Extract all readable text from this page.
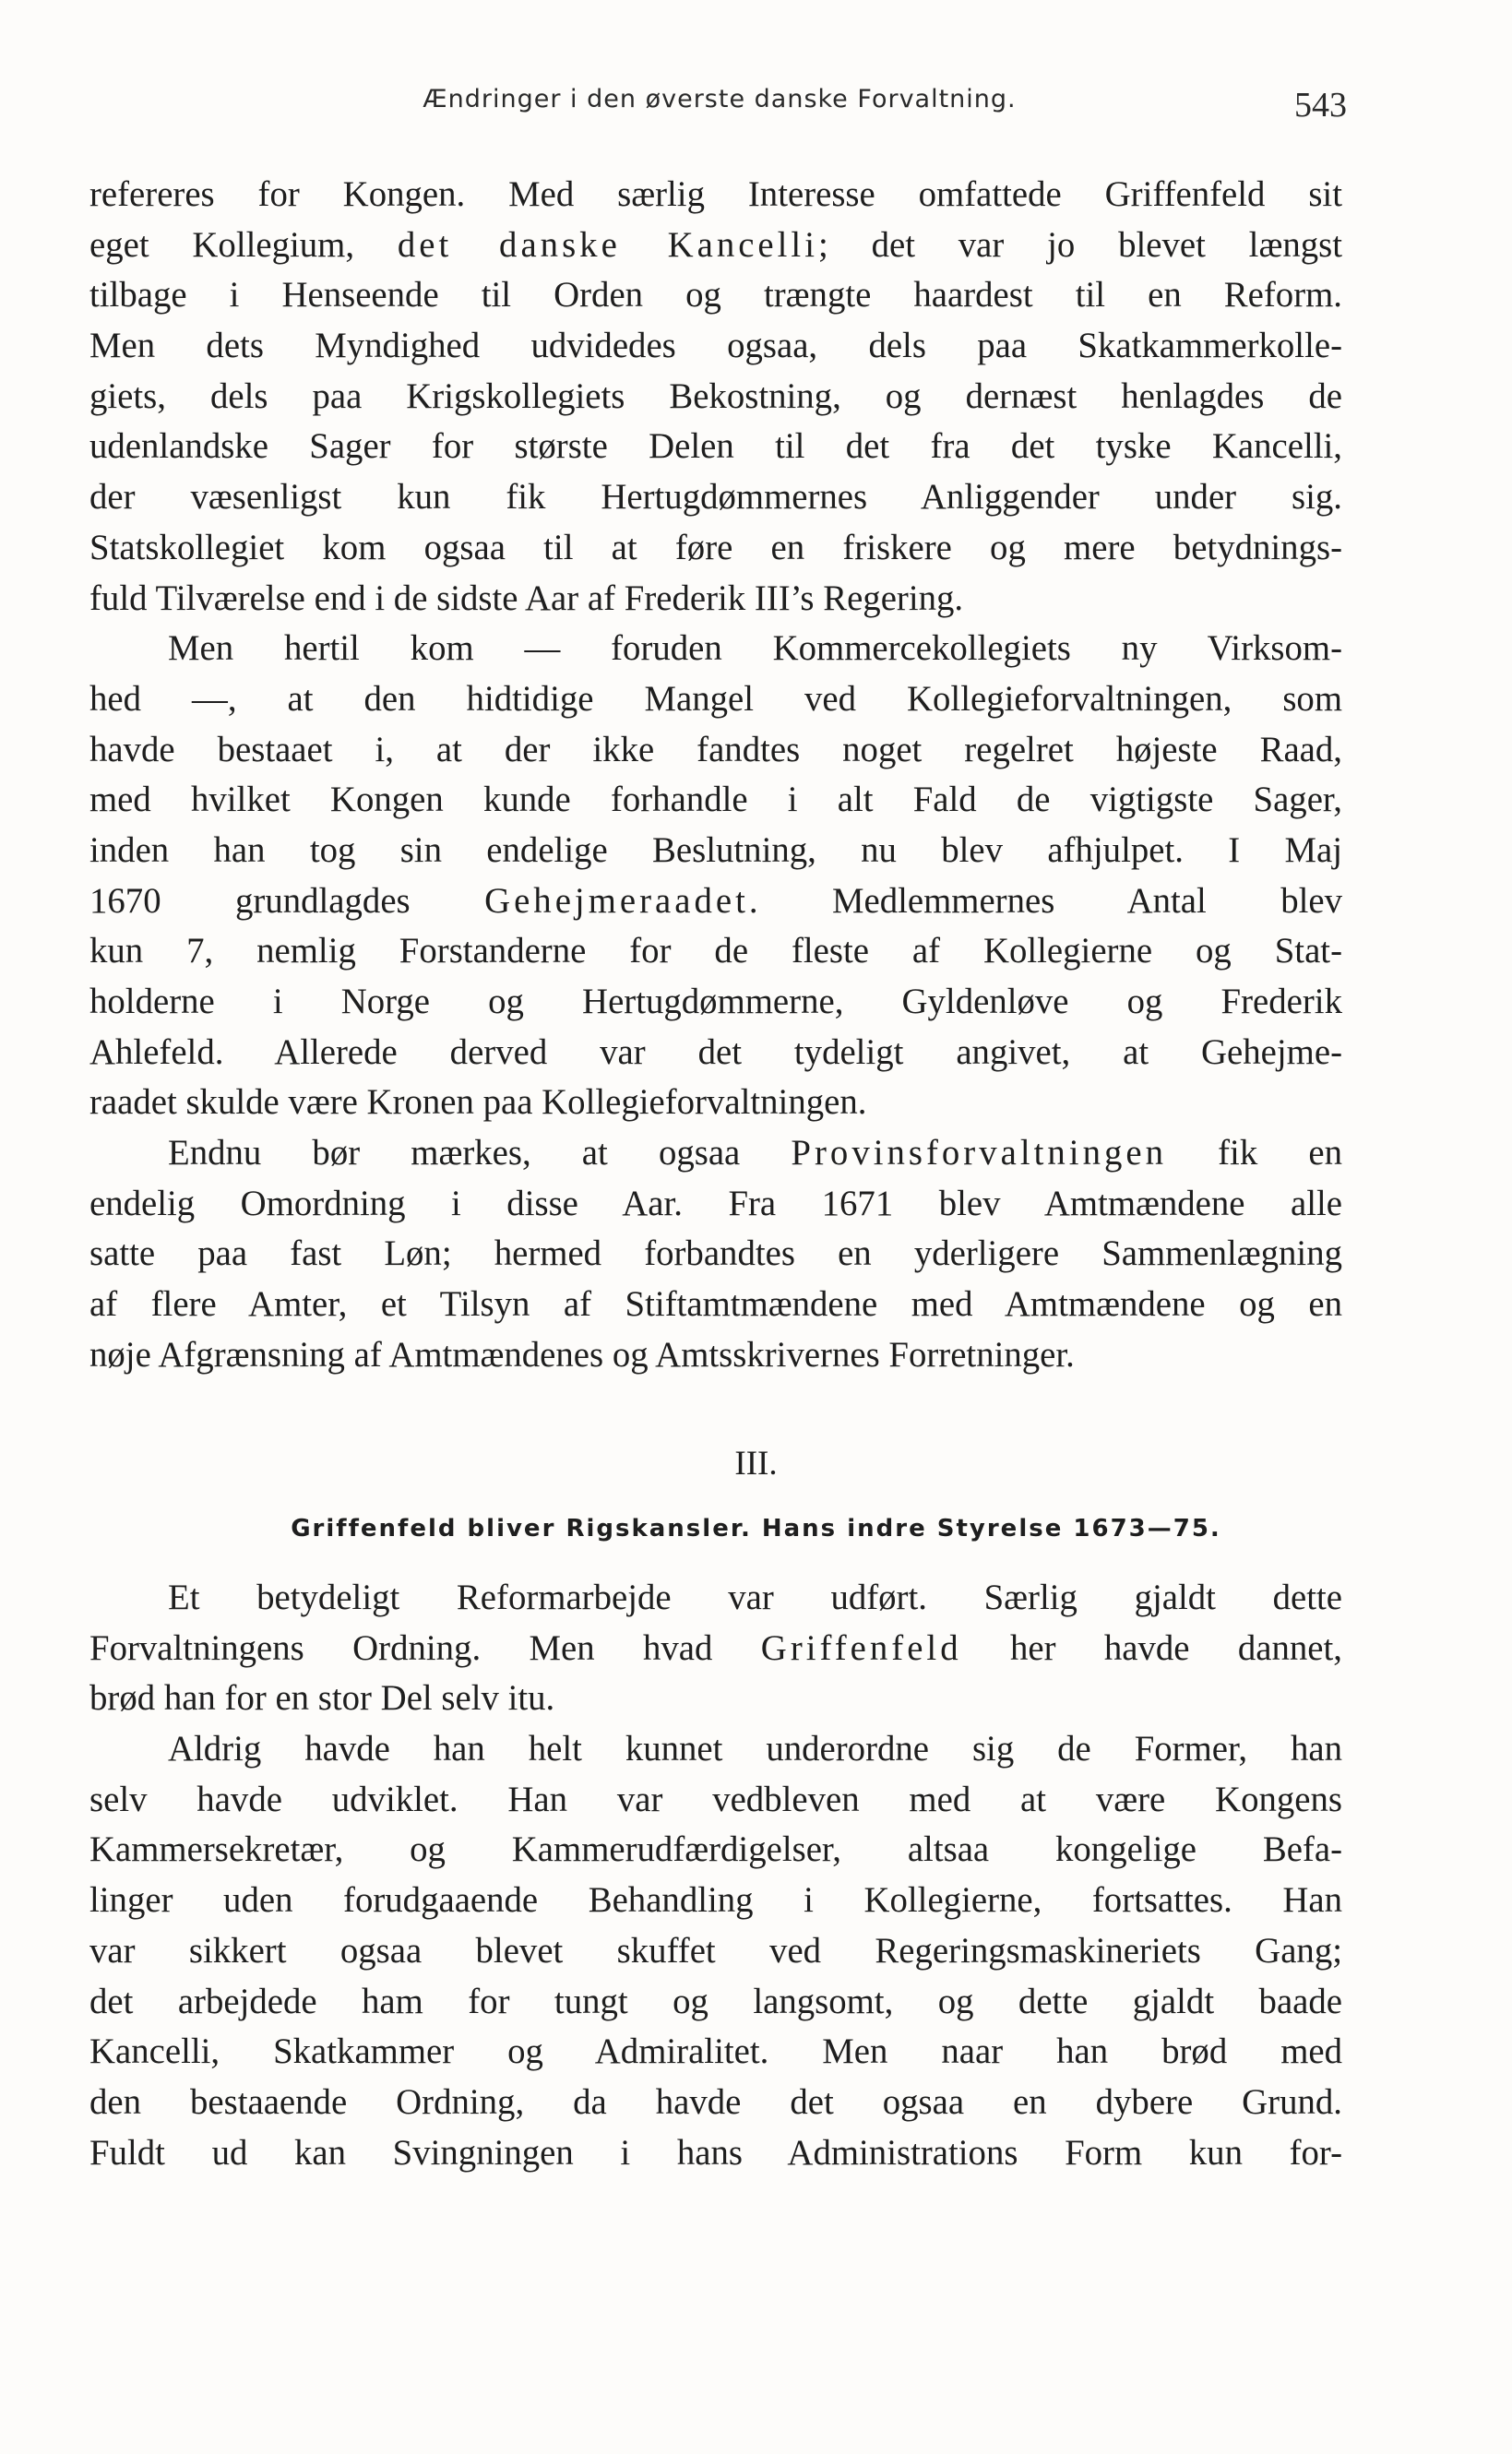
Ændringer i den øverste danske Forvaltning.	543
refereres for Kongen. Med særlig Interesse omfattede Griffenfeld sit
eget Kollegium, det danske Kancelli; det var jo blevet længst
tilbage i Henseende til Orden og trængte haardest til en Reform.
Men dets Myndighed udvidedes ogsaa, dels paa Skatkammerkolle-
giets, dels paa Krigskollegiets Bekostning, og dernæst henlagdes de
udenlandske Sager for største Delen til det fra det tyske Kancelli,
der væsenligst kun fik Hertugdømmernes Anliggender under sig.
Statskollegiet kom ogsaa til at føre en friskere og mere betydnings-
fuld Tilværelse end i de sidste Aar af Frederik III’s Regering.
Men hertil kom — foruden Kommercekollegiets ny Virksom-
hed —, at den hidtidige Mangel ved Kollegieforvaltningen, som
havde bestaaet i, at der ikke fandtes noget regelret højeste Raad,
med hvilket Kongen kunde forhandle i alt Fald de vigtigste Sager,
inden han tog sin endelige Beslutning, nu blev afhjulpet. I Maj
1670 grundlagdes Gehejmeraadet. Medlemmernes Antal blev
kun 7, nemlig Forstanderne for de fleste af Kollegierne og Stat-
holderne i Norge og Hertugdømmerne, Gyldenløve og Frederik
Ahlefeld. Allerede derved var det tydeligt angivet, at Gehejme-
raadet skulde være Kronen paa Kollegieforvaltningen.
Endnu bør mærkes, at ogsaa Provinsforvaltningen fik en
endelig Omordning i disse Aar. Fra 1671 blev Amtmændene alle
satte paa fast Løn; hermed forbandtes en yderligere Sammenlægning
af flere Amter, et Tilsyn af Stiftamtmændene med Amtmændene og en
nøje Afgrænsning af Amtmændenes og Amtsskrivernes Forretninger.
III.
Griffenfeld bliver Rigskansler. Hans indre Styrelse 1673—75.
Et betydeligt Reformarbejde var udført. Særlig gjaldt dette
Forvaltningens Ordning. Men hvad Griffenfeld her havde dannet,
brød han for en stor Del selv itu.
Aldrig havde han helt kunnet underordne sig de Former, han
selv havde udviklet. Han var vedbleven med at være Kongens
Kammersekretær, og Kammerudfærdigelser, altsaa kongelige Befa-
linger uden forudgaaende Behandling i Kollegierne, fortsattes. Han
var sikkert ogsaa blevet skuffet ved Regeringsmaskineriets Gang;
det arbejdede ham for tungt og langsomt, og dette gjaldt baade
Kancelli, Skatkammer og Admiralitet. Men naar han brød med
den bestaaende Ordning, da havde det ogsaa en dybere Grund.
Fuldt ud kan Svingningen i hans Administrations Form kun for-
